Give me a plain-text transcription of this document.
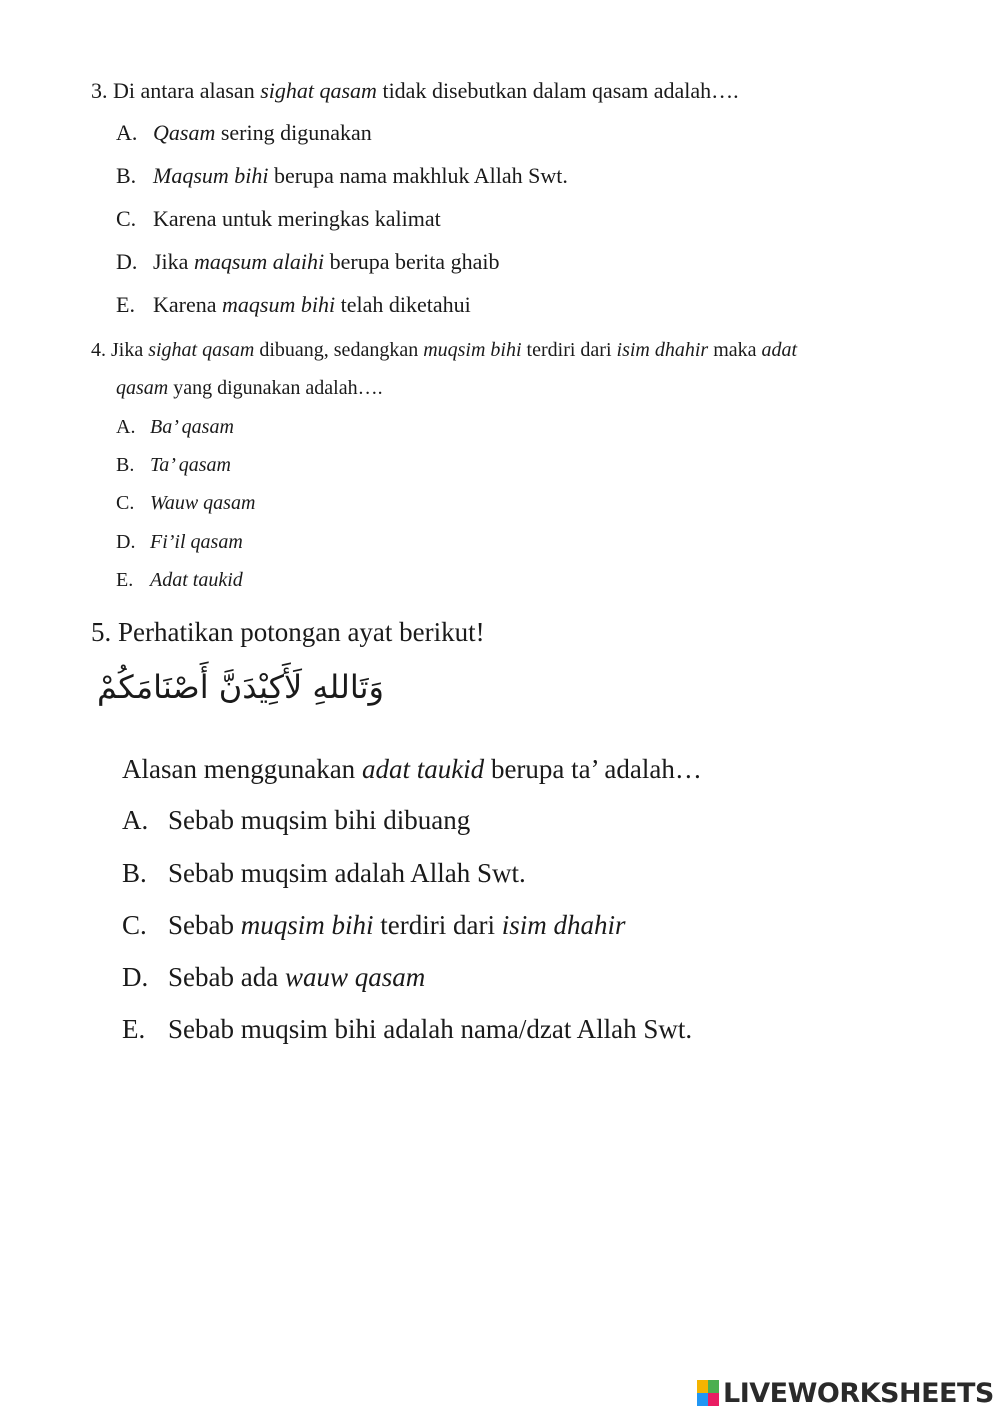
3. Di antara alasan sighat qasam tidak disebutkan dalam qasam adalah….
A. Qasam sering digunakan
B. Maqsum bihi berupa nama makhluk Allah Swt.
C. Karena untuk meringkas kalimat
D. Jika maqsum alaihi berupa berita ghaib
E. Karena maqsum bihi telah diketahui
4. Jika sighat qasam dibuang, sedangkan muqsim bihi terdiri dari isim dhahir maka adat
qasam yang digunakan adalah….
A. Ba’ qasam
B. Ta’ qasam
C. Wauw qasam
D. Fi’il qasam
E. Adat taukid
5. Perhatikan potongan ayat berikut!
وَتَاللهِ لَأَكِيْدَنَّ أَصْنَامَكُمْ
Alasan menggunakan adat taukid berupa ta’ adalah…
A. Sebab muqsim bihi dibuang
B. Sebab muqsim adalah Allah Swt.
C. Sebab muqsim bihi terdiri dari isim dhahir
D. Sebab ada wauw qasam
E. Sebab muqsim bihi adalah nama/dzat Allah Swt.
LIVEWORKSHEETS
